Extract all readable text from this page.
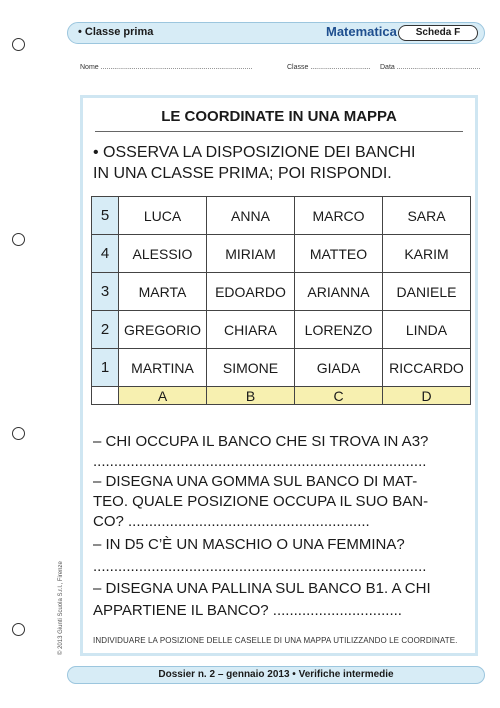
• Classe prima	Matematica	Scheda F
Nome ..............................................................................	Classe ............................... Data ...........................................
LE COORDINATE IN UNA MAPPA
• OSSERVA LA DISPOSIZIONE DEI BANCHI
IN UNA CLASSE PRIMA; POI RISPONDI.
5	LUCA	ANNA	MARCO	SARA
4	ALESSIO	MIRIAM	MATTEO	KARIM
3	MARTA	EDOARDO	ARIANNA	DANIELE
2	GREGORIO	CHIARA	LORENZO	LINDA
1	MARTINA	SIMONE	GIADA	RICCARDO
	A	B	C	D
– CHI OCCUPA IL BANCO CHE SI TROVA IN A3?
................................................................................
– DISEGNA UNA GOMMA SUL BANCO DI MAT-
TEO. QUALE POSIZIONE OCCUPA IL SUO BAN-
CO? ..........................................................
– IN D5 C’È UN MASCHIO O UNA FEMMINA?
................................................................................
– DISEGNA UNA PALLINA SUL BANCO B1. A CHI
APPARTIENE IL BANCO? ...............................
INDIVIDUARE LA POSIZIONE DELLE CASELLE DI UNA MAPPA UTILIZZANDO LE COORDINATE.
© 2013 Giunti Scuola S.r.l., Firenze
Dossier n. 2 – gennaio 2013 • Verifiche intermedie
